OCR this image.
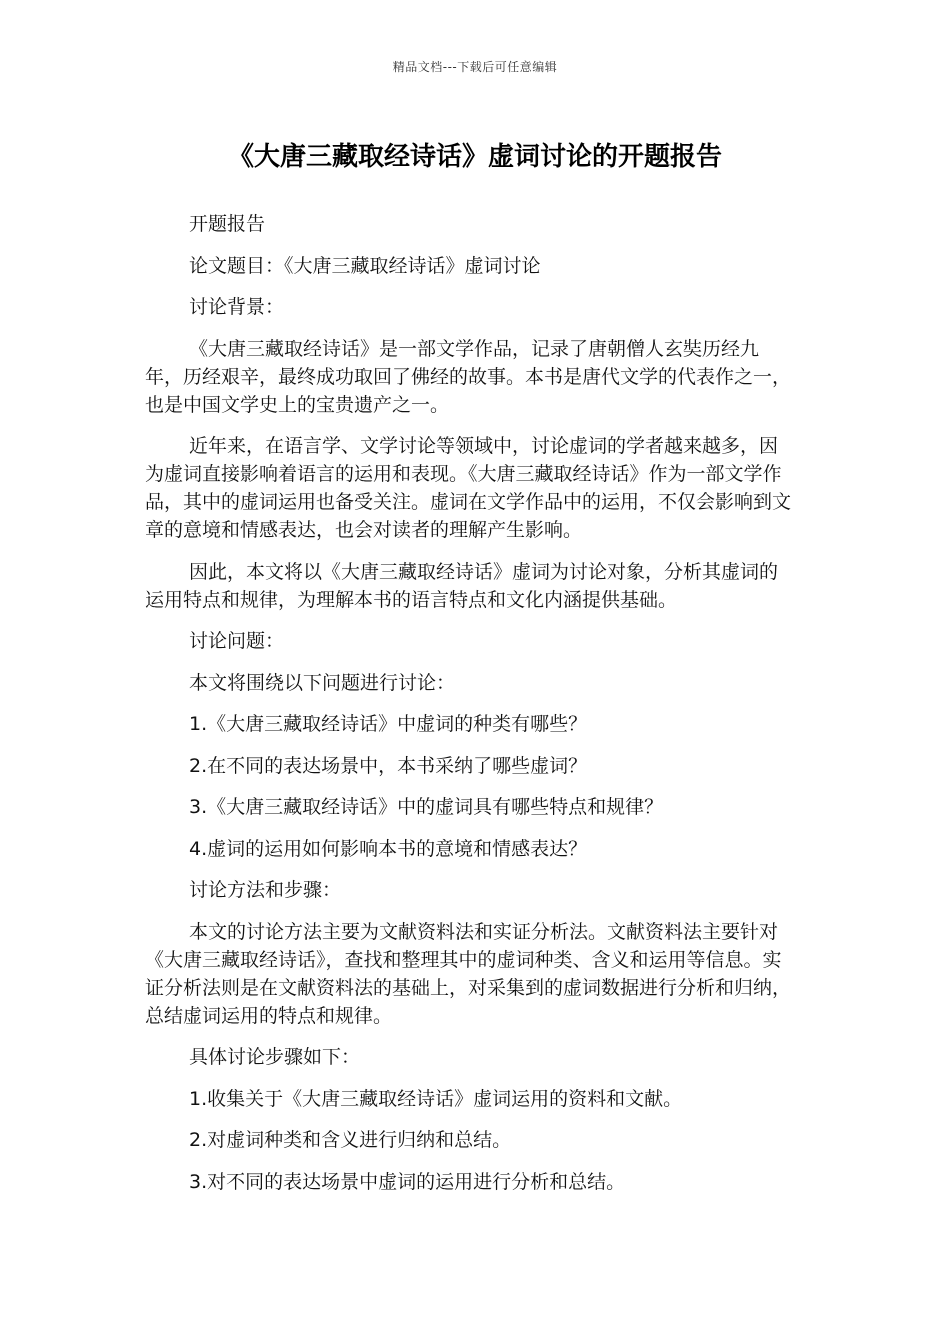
精品文档---下载后可任意编辑
《大唐三藏取经诗话》虚词讨论的开题报告

开题报告

论文题目：《大唐三藏取经诗话》虚词讨论

讨论背景：

《大唐三藏取经诗话》是一部文学作品，记录了唐朝僧人玄奘历经九年，历经艰辛，最终成功取回了佛经的故事。本书是唐代文学的代表作之一，也是中国文学史上的宝贵遗产之一。

近年来，在语言学、文学讨论等领域中，讨论虚词的学者越来越多，因为虚词直接影响着语言的运用和表现。《大唐三藏取经诗话》作为一部文学作品，其中的虚词运用也备受关注。虚词在文学作品中的运用，不仅会影响到文章的意境和情感表达，也会对读者的理解产生影响。

因此，本文将以《大唐三藏取经诗话》虚词为讨论对象，分析其虚词的运用特点和规律，为理解本书的语言特点和文化内涵提供基础。

讨论问题：

本文将围绕以下问题进行讨论：

1.《大唐三藏取经诗话》中虚词的种类有哪些？

2.在不同的表达场景中，本书采纳了哪些虚词？

3.《大唐三藏取经诗话》中的虚词具有哪些特点和规律？

4.虚词的运用如何影响本书的意境和情感表达？

讨论方法和步骤：

本文的讨论方法主要为文献资料法和实证分析法。文献资料法主要针对《大唐三藏取经诗话》，查找和整理其中的虚词种类、含义和运用等信息。实证分析法则是在文献资料法的基础上，对采集到的虚词数据进行分析和归纳，总结虚词运用的特点和规律。

具体讨论步骤如下：

1.收集关于《大唐三藏取经诗话》虚词运用的资料和文献。

2.对虚词种类和含义进行归纳和总结。

3.对不同的表达场景中虚词的运用进行分析和总结。
